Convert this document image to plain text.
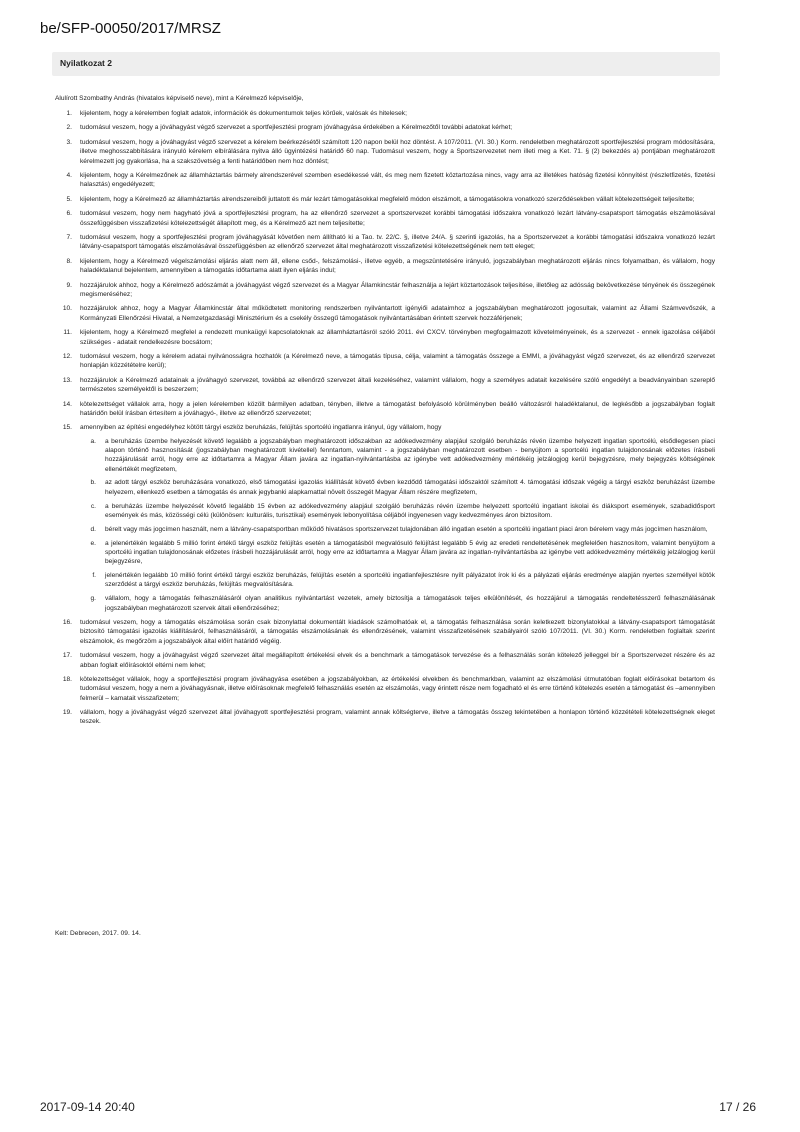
be/SFP-00050/2017/MRSZ
Nyilatkozat 2
Alulírott Szombathy András (hivatalos képviselő neve), mint a Kérelmező képviselője,
1. kijelentem, hogy a kérelemben foglalt adatok, információk és dokumentumok teljes körűek, valósak és hitelesek;
2. tudomásul veszem, hogy a jóváhagyást végző szervezet a sportfejlesztési program jóváhagyása érdekében a Kérelmezőtől további adatokat kérhet;
3. tudomásul veszem, hogy a jóváhagyást végző szervezet a kérelem beérkezésétől számított 120 napon belül hoz döntést. A 107/2011. (VI. 30.) Korm. rendeletben meghatározott sportfejlesztési program módosítására, illetve meghosszabbítására irányuló kérelem elbírálására nyitva álló ügyintézési határidő 60 nap. Tudomásul veszem, hogy a Sportszervezetet nem illeti meg a Ket. 71. § (2) bekezdés a) pontjában meghatározott kérelmezett jog gyakorlása, ha a szakszövetség a fenti határidőben nem hoz döntést;
4. kijelentem, hogy a Kérelmezőnek az államháztartás bármely alrendszerével szemben esedékessé vált, és meg nem fizetett köztartozása nincs, vagy arra az illetékes hatóság fizetési könnyítést (részletfizetés, fizetési halasztás) engedélyezett;
5. kijelentem, hogy a Kérelmező az államháztartás alrendszereiből juttatott és már lezárt támogatásokkal megfelelő módon elszámolt, a támogatásokra vonatkozó szerződésekben vállalt kötelezettségeit teljesítette;
6. tudomásul veszem, hogy nem hagyható jóvá a sportfejlesztési program, ha az ellenőrző szervezet a sportszervezet korábbi támogatási időszakra vonatkozó lezárt látvány-csapatsport támogatás elszámolásával összefüggésben visszafizetési kötelezettségét állapított meg, és a Kérelmező azt nem teljesítette;
7. tudomásul veszem, hogy a sportfejlesztési program jóváhagyását követően nem állítható ki a Tao. tv. 22/C. §, illetve 24/A. § szerinti igazolás, ha a Sportszervezet a korábbi támogatási időszakra vonatkozó lezárt látvány-csapatsport támogatás elszámolásával összefüggésben az ellenőrző szervezet által meghatározott visszafizetési kötelezettségének nem tett eleget;
8. kijelentem, hogy a Kérelmező végelszámolási eljárás alatt nem áll, ellene csőd-, felszámolási-, illetve egyéb, a megszüntetésére irányuló, jogszabályban meghatározott eljárás nincs folyamatban, és vállalom, hogy haladéktalanul bejelentem, amennyiben a támogatás időtartama alatt ilyen eljárás indul;
9. hozzájárulok ahhoz, hogy a Kérelmező adószámát a jóváhagyást végző szervezet és a Magyar Államkincstár felhasználja a lejárt köztartozások teljesítése, illetőleg az adósság bekövetkezése tényének és összegének megismeréséhez;
10. hozzájárulok ahhoz, hogy a Magyar Államkincstár által működtetett monitoring rendszerben nyilvántartott igényiői adataimhoz a jogszabályban meghatározott jogosultak, valamint az Állami Számvevőszék, a Kormányzati Ellenőrzési Hivatal, a Nemzetgazdasági Minisztérium és a csekély összegű támogatások nyilvántartásában érintett szervek hozzáférjenek;
11. kijelentem, hogy a Kérelmező megfelel a rendezett munkaügyi kapcsolatoknak az államháztartásról szóló 2011. évi CXCV. törvényben megfogalmazott követelményeinek, és a szervezet - ennek igazolása céljából szükséges - adatait rendelkezésre bocsátom;
12. tudomásul veszem, hogy a kérelem adatai nyilvánosságra hozhatók (a Kérelmező neve, a támogatás típusa, célja, valamint a támogatás összege a EMMI, a jóváhagyást végző szervezet, és az ellenőrző szervezet honlapján közzétételre kerül);
13. hozzájárulok a Kérelmező adatainak a jóváhagyó szervezet, továbbá az ellenőrző szervezet általi kezeléséhez, valamint vállalom, hogy a személyes adatait kezelésére szóló engedélyt a beadványainban szereplő természetes személyektől is beszerzem;
14. kötelezettséget vállalok arra, hogy a jelen kérelemben közölt bármilyen adatban, tényben, illetve a támogatást befolyásoló körülményben beálló változásról haladéktalanul, de legkésőbb a jogszabályban foglalt határidőn belül írásban értesítem a jóváhagyó-, illetve az ellenőrző szervezetet;
15. amennyiben az építési engedélyhez kötött tárgyi eszköz beruházás, felújítás sportcélú ingatlanra irányul, úgy vállalom, hogy
a. a beruházás üzembe helyezését követő legalább a jogszabályban meghatározott időszakban az adókedvezmény alapjául szolgáló beruházás révén üzembe helyezett ingatlan sportcélú, elsődlegesen piaci alapon történő hasznosítását (jogszabályban meghatározott kivétellel) fenntartom, valamint - a jogszabályban meghatározott esetben - benyújtom a sportcélú ingatlan tulajdonosának előzetes írásbeli hozzájárulását arról, hogy erre az időtartamra a Magyar Állam javára az ingatlan-nyilvántartásba az igénybe vett adókedvezmény mértékéig jelzálogjog kerül bejegyzésre, mely bejegyzés költségének ellenértékét megfizetem,
b. az adott tárgyi eszköz beruházására vonatkozó, első támogatási igazolás kiállítását követő évben kezdődő támogatási időszaktól számított 4. támogatási időszak végéig a tárgyi eszköz beruházást üzembe helyezem, ellenkező esetben a támogatás és annak jegybanki alapkamattal növelt összegét Magyar Állam részére megfizetem,
c. a beruházás üzembe helyezését követő legalább 15 évben az adókedvezmény alapjául szolgáló beruházás révén üzembe helyezett sportcélú ingatlant iskolai és diáksport események, szabadidősport események és más, közösségi célú (különösen: kulturális, turisztikai) események lebonyolítása céljából ingyenesen vagy kedvezményes áron biztosítom.
d. bérelt vagy más jogcímen használt, nem a látvány-csapatsportban működő hivatásos sportszervezet tulajdonában álló ingatlan esetén a sportcélú ingatlant piaci áron bérelem vagy más jogcímen használom,
e. a jelenértékén legalább 5 millió forint értékű tárgyi eszköz felújítás esetén a támogatásból megvalósuló felújítást legalább 5 évig az eredeti rendeltetésének megfelelően hasznosítom, valamint benyújtom a sportcélú ingatlan tulajdonosának előzetes írásbeli hozzájárulását arról, hogy erre az időtartamra a Magyar Állam javára az ingatlan-nyilvántartásba az igénybe vett adókedvezmény mértékéig jelzálogjog kerül bejegyzésre,
f. jelenértékén legalább 10 millió forint értékű tárgyi eszköz beruházás, felújítás esetén a sportcélú ingatlanfejlesztésre nyílt pályázatot írok ki és a pályázati eljárás eredménye alapján nyertes személlyel kötök szerződést a tárgyi eszköz beruházás, felújítás megvalósítására.
g. vállalom, hogy a támogatás felhasználásáról olyan analitikus nyilvántartást vezetek, amely biztosítja a támogatások teljes elkülönítését, és hozzájárul a támogatás rendeltetésszerű felhasználásának jogszabályban meghatározott szervek általi ellenőrzéséhez;
16. tudomásul veszem, hogy a támogatás elszámolása során csak bizonylattal dokumentált kiadások számolhatóak el, a támogatás felhasználása során keletkezett bizonylatokkal a látvány-csapatsport támogatását biztosító támogatási igazolás kiállításáról, felhasználásáról, a támogatás elszámolásának és ellenőrzésének, valamint visszafizetésének szabályairól szóló 107/2011. (VI. 30.) Korm. rendeletben foglaltak szerint elszámolok, és megőrzöm a jogszabályok által előírt határidő végéig.
17. tudomásul veszem, hogy a jóváhagyást végző szervezet által megállapított értékelési elvek és a benchmark a támogatások tervezése és a felhasználás során kötelező jelleggel bír a Sportszervezet részére és az abban foglalt előírásoktól eltérni nem lehet;
18. kötelezettséget vállalok, hogy a sportfejlesztési program jóváhagyása esetében a jogszabályokban, az értékelési elvekben és benchmarkban, valamint az elszámolási útmutatóban foglalt előírásokat betartom és tudomásul veszem, hogy a nem a jóváhagyásnak, illetve előírásoknak megfelelő felhasználás esetén az elszámolás, vagy érintett része nem fogadható el és erre történő kötelezés esetén a támogatást és –amennyiben felmerül – kamatait visszafizetem;
19. vállalom, hogy a jóváhagyást végző szervezet által jóváhagyott sportfejlesztési program, valamint annak költségterve, illetve a támogatás összeg tekintetében a honlapon történő közzétételi kötelezettségnek eleget teszek.
Kelt: Debrecen, 2017. 09. 14.
2017-09-14 20:40	17 / 26
